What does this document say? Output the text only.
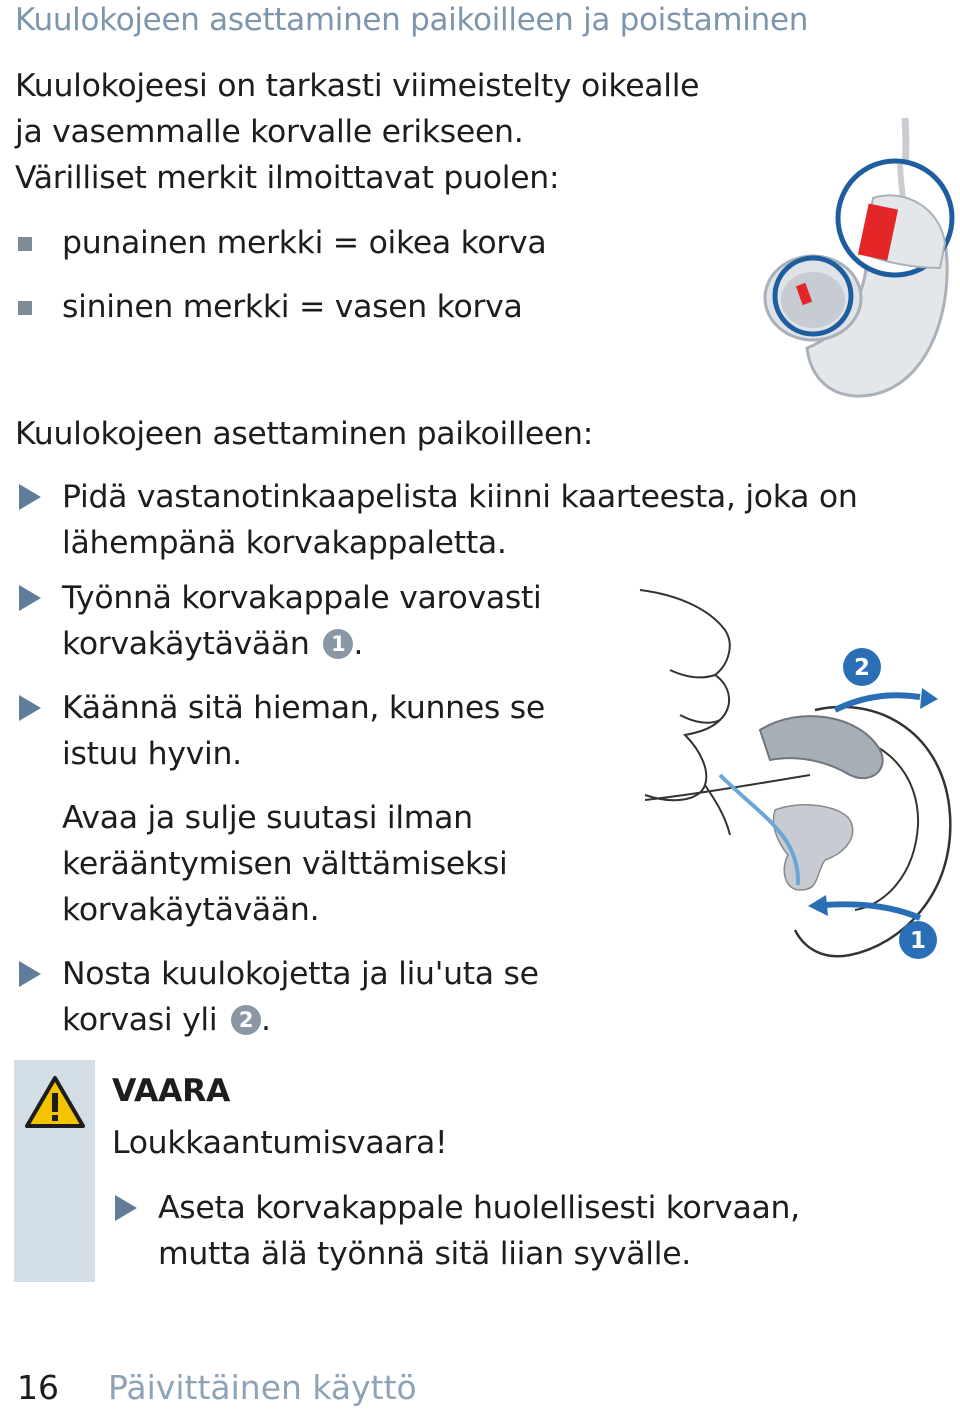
Kuulokojeen asettaminen paikoilleen ja poistaminen
Kuulokojeesi on tarkasti viimeistelty oikealle
ja vasemmalle korvalle erikseen.
Värilliset merkit ilmoittavat puolen:
punainen merkki = oikea korva
sininen merkki = vasen korva
Kuulokojeen asettaminen paikoilleen:
Pidä vastanotinkaapelista kiinni kaarteesta, joka on
lähempänä korvakappaletta.
Työnnä korvakappale varovasti
korvakäytävään 1 .
Käännä sitä hieman, kunnes se
istuu hyvin.
Avaa ja sulje suutasi ilman
kerääntymisen välttämiseksi
korvakäytävään.
Nosta kuulokojetta ja liu'uta se
korvasi yli 2 .
2
1
VAARA
Loukkaantumisvaara!
Aseta korvakappale huolellisesti korvaan,
mutta älä työnnä sitä liian syvälle.
16 Päivittäinen käyttö
